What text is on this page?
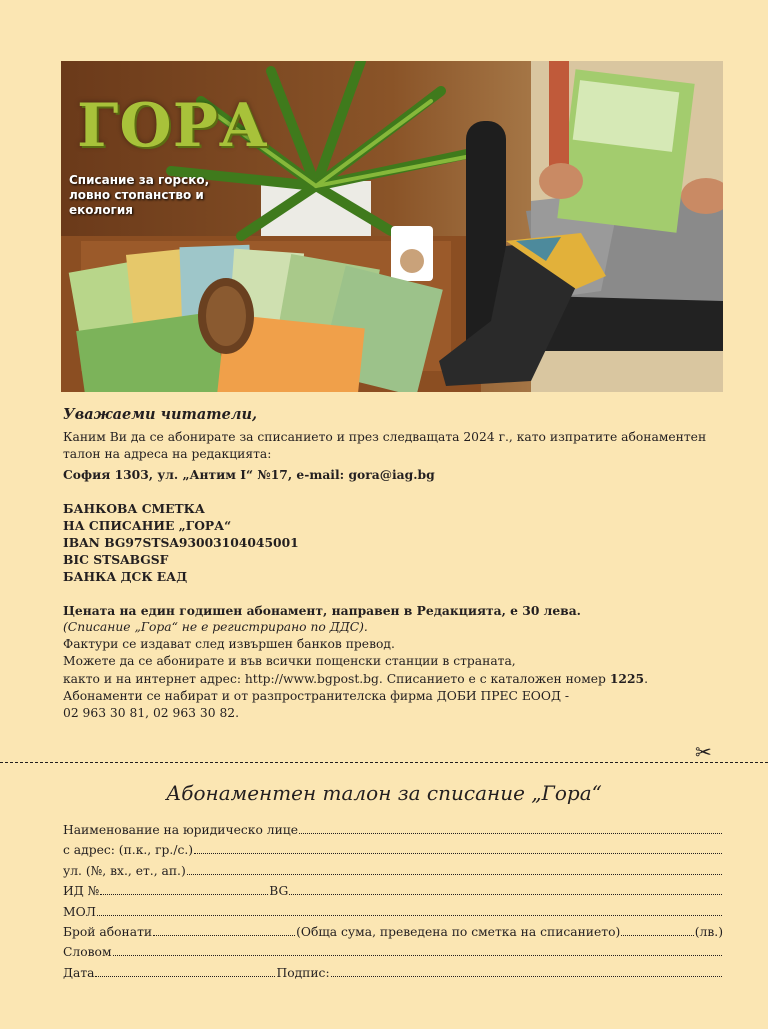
ГОРА
Списание за горско, ловно стопанство и екология
Уважаеми читатели,
Каним Ви да се абонирате за списанието и през следващата 2024 г., като изпратите абонаментен талон на адреса на редакцията:
София 1303, ул. „Антим I“ №17, e-mail: gora@iag.bg
БАНКОВА СМЕТКА
НА СПИСАНИЕ „ГОРА“
IBAN BG97STSA93003104045001
BIC STSABGSF
БАНКА ДСК ЕАД
Цената на един годишен абонамент, направен в Редакцията, е 30 лева.
(Списание „Гора“ не е регистрирано по ДДС).
Фактури се издават след извършен банков превод.
Можете да се абонирате и във всички пощенски станции в страната,
както и на интернет адрес: http://www.bgpost.bg. Списанието е с каталожен номер 1225.
Абонаменти се набират и от разпространителска фирма ДОБИ ПРЕС ЕООД -
02 963 30 81, 02 963 30 82.
✂
Абонаментен талон за списание „Гора“
Наименование на юридическо лице
с адрес: (п.к., гр./с.)
ул. (№, вх., ет., ап.)
ИД №	BG
МОЛ
Брой абонати	(Обща сума, преведена по сметка на списанието)	(лв.)
Словом
Дата	Подпис:
